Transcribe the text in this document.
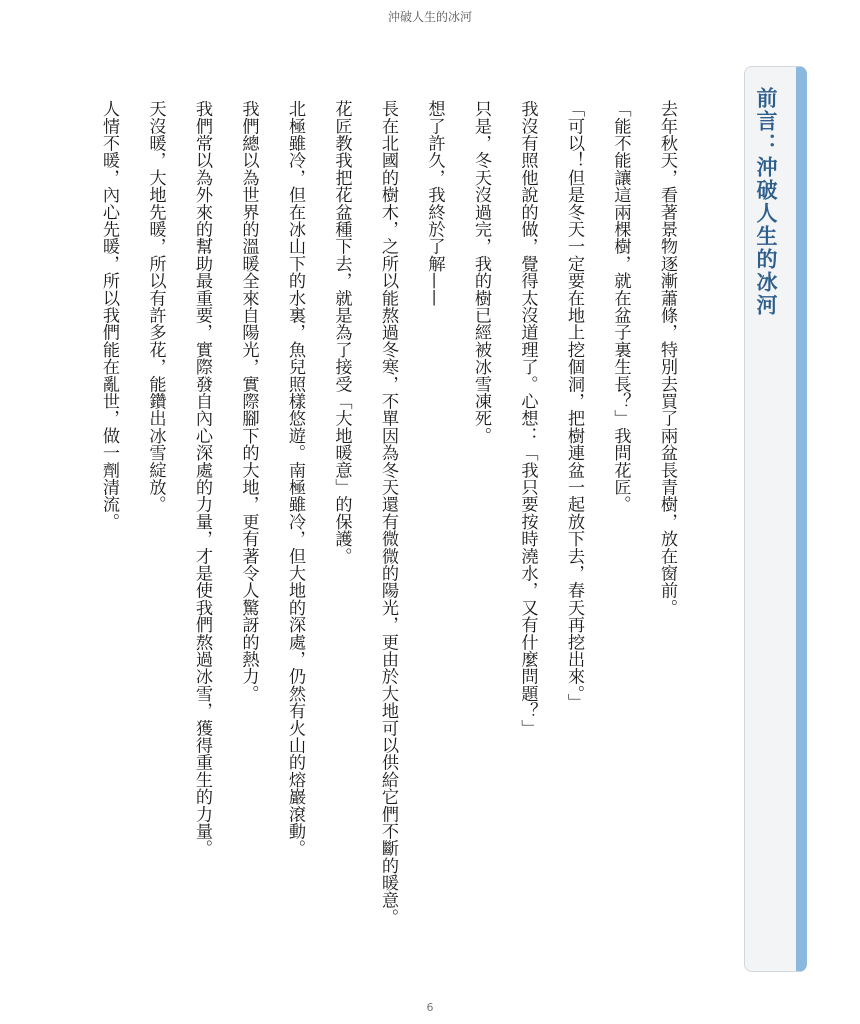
沖破人生的冰河
前言：沖破人生的冰河

去年秋天，看著景物逐漸蕭條，特別去買了兩盆長青樹，放在窗前。

「能不能讓這兩棵樹，就在盆子裏生長？」我問花匠。

「可以！但是冬天一定要在地上挖個洞，把樹連盆一起放下去，春天再挖出來。」

我沒有照他說的做，覺得太沒道理了。心想：「我只要按時澆水，又有什麼問題？」

只是，冬天沒過完，我的樹已經被冰雪凍死。

想了許久，我終於了解——

長在北國的樹木，之所以能熬過冬寒，不單因為冬天還有微微的陽光，更由於大地可以供給它們不斷的暖意。

花匠教我把花盆種下去，就是為了接受「大地暖意」的保護。

北極雖冷，但在冰山下的水裏，魚兒照樣悠遊。南極雖冷，但大地的深處，仍然有火山的熔巖滾動。

我們總以為世界的溫暖全來自陽光，實際腳下的大地，更有著令人驚訝的熱力。

我們常以為外來的幫助最重要，實際發自內心深處的力量，才是使我們熬過冰雪，獲得重生的力量。

天沒暖，大地先暖，所以有許多花，能鑽出冰雪綻放。

人情不暖，內心先暖，所以我們能在亂世，做一劑清流。

6
